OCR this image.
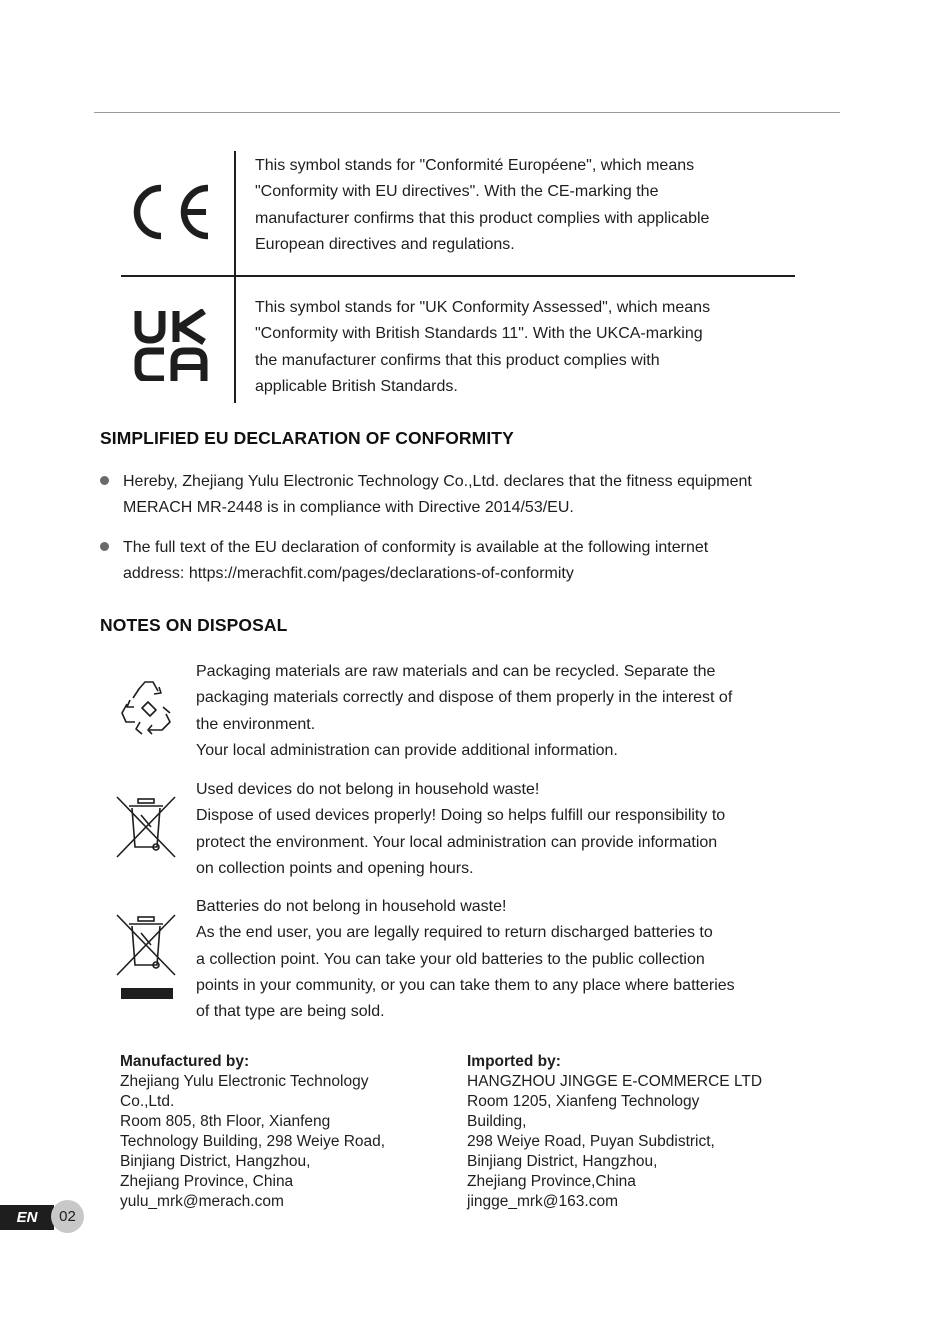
This symbol stands for "Conformité Européene", which means
"Conformity with EU directives". With the CE-marking the
manufacturer confirms that this product complies with applicable
European directives and regulations.
This symbol stands for "UK Conformity Assessed", which means
"Conformity with British Standards 11". With the UKCA-marking
the manufacturer confirms that this product complies with
applicable British Standards.
SIMPLIFIED EU DECLARATION OF CONFORMITY
Hereby, Zhejiang Yulu Electronic Technology Co.,Ltd. declares that the fitness equipment
MERACH MR-2448 is in compliance with Directive 2014/53/EU.
The full text of the EU declaration of conformity is available at the following internet
address: https://merachfit.com/pages/declarations-of-conformity
NOTES ON DISPOSAL
Packaging materials are raw materials and can be recycled. Separate the
packaging materials correctly and dispose of them properly in the interest of
the environment.
Your local administration can provide additional information.
Used devices do not belong in household waste!
Dispose of used devices properly! Doing so helps fulfill our responsibility to
protect the environment. Your local administration can provide information
on collection points and opening hours.
Batteries do not belong in household waste!
As the end user, you are legally required to return discharged batteries to
a collection point. You can take your old batteries to the public collection
points in your community, or you can take them to any place where batteries
of that type are being sold.
Manufactured by:
Zhejiang Yulu Electronic Technology
Co.,Ltd.
Room 805, 8th Floor, Xianfeng
Technology Building, 298 Weiye Road,
Binjiang District, Hangzhou,
Zhejiang Province, China
yulu_mrk@merach.com
Imported by:
HANGZHOU JINGGE E-COMMERCE LTD
Room 1205, Xianfeng Technology
Building,
298 Weiye Road, Puyan Subdistrict,
Binjiang District, Hangzhou,
Zhejiang Province,China
jingge_mrk@163.com
EN	02
